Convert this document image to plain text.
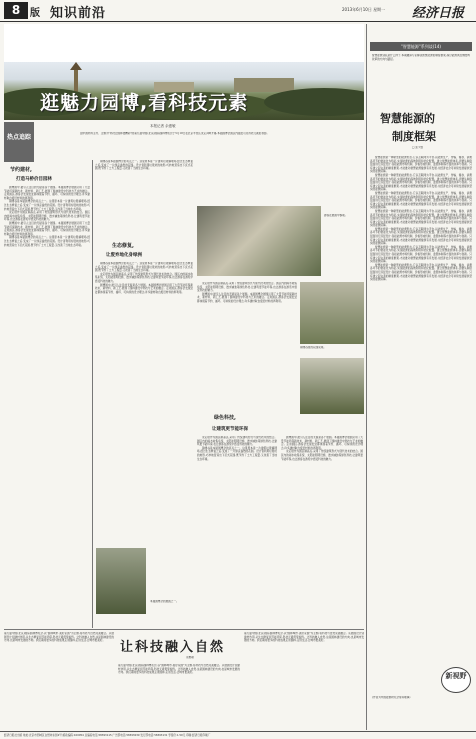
8 版 知识前沿	2013年6月10日 星期一 经济日报
逛魅力园博,看科技元素
热点追踪
本报记者 余惠敏
由中国科协主办、主题为"科技让园林更精彩"的第九届中国(北京)国际园林博览会于5月18日在北京丰台区永定河畔开幕,本届园博会园区内随处可见科技元素的身影。
节约建材,
打造马桥价目园林

园博园中,最引人注目的无疑是各个展园。本届园博会展园运用了大量节能环保新技术、新材料、新工艺,展现了园林建设中科技与艺术的融合。走进园区,游客会发现处处都体现着节约、循环、可持续的设计理念,许多建材取自废旧材料的再利用。

锦绣谷是本届园博会的亮点之一。这里原本是一片建筑垃圾填埋场,经过生态修复之后,变成了一片绿意盎然的花园。设计者利用垃圾坑的地形,巧妙地营造出下沉式花园,既节约了土方工程量,又改善了当地生态环境。

永定塔作为园区制高点,采用了传统建筑形式与现代技术的结合。园区内的雨水收集系统、太阳能照明设施、透水铺装等绿色科技,让建筑更节能环保,也让游客在游览中感受科技的魅力。

园博园中,最引人注目的无疑是各个展园。本届园博会展园运用了大量节能环保新技术、新材料、新工艺,展现了园林建设中科技与艺术的融合。走进园区,游客会发现处处都体现着节约、循环、可持续的设计理念,许多建材取自废旧材料的再利用。

锦绣谷是本届园博会的亮点之一。这里原本是一片建筑垃圾填埋场,经过生态修复之后,变成了一片绿意盎然的花园。设计者利用垃圾坑的地形,巧妙地营造出下沉式花园,既节约了土方工程量,又改善了当地生态环境。

锦绣谷是本届园博会的亮点之一。这里原本是一片建筑垃圾填埋场,经过生态修复之后,变成了一片绿意盎然的花园。设计者利用垃圾坑的地形,巧妙地营造出下沉式花园,既节约了土方工程量,又改善了当地生态环境。

生态修复,
让废弃地化身绿洲

锦绣谷是本届园博会的亮点之一。这里原本是一片建筑垃圾填埋场,经过生态修复之后,变成了一片绿意盎然的花园。设计者利用垃圾坑的地形,巧妙地营造出下沉式花园,既节约了土方工程量,又改善了当地生态环境。

永定塔作为园区制高点,采用了传统建筑形式与现代技术的结合。园区内的雨水收集系统、太阳能照明设施、透水铺装等绿色科技,让建筑更节能环保,也让游客在游览中感受科技的魅力。

园博园中,最引人注目的无疑是各个展园。本届园博会展园运用了大量节能环保新技术、新材料、新工艺,展现了园林建设中科技与艺术的融合。走进园区,游客会发现处处都体现着节约、循环、可持续的设计理念,许多建材取自废旧材料的再利用。

本届园博会的展园之一。
游客在展园中参观。

永定塔作为园区制高点,采用了传统建筑形式与现代技术的结合。园区内的雨水收集系统、太阳能照明设施、透水铺装等绿色科技,让建筑更节能环保,也让游客在游览中感受科技的魅力。

园博园中,最引人注目的无疑是各个展园。本届园博会展园运用了大量节能环保新技术、新材料、新工艺,展现了园林建设中科技与艺术的融合。走进园区,游客会发现处处都体现着节约、循环、可持续的设计理念,许多建材取自废旧材料的再利用。

锦绣谷里的花园景观。
绿色科技,
让建筑更节能环保

永定塔作为园区制高点,采用了传统建筑形式与现代技术的结合。园区内的雨水收集系统、太阳能照明设施、透水铺装等绿色科技,让建筑更节能环保,也让游客在游览中感受科技的魅力。

锦绣谷是本届园博会的亮点之一。这里原本是一片建筑垃圾填埋场,经过生态修复之后,变成了一片绿意盎然的花园。设计者利用垃圾坑的地形,巧妙地营造出下沉式花园,既节约了土方工程量,又改善了当地生态环境。

园博园中,最引人注目的无疑是各个展园。本届园博会展园运用了大量节能环保新技术、新材料、新工艺,展现了园林建设中科技与艺术的融合。走进园区,游客会发现处处都体现着节约、循环、可持续的设计理念,许多建材取自废旧材料的再利用。

永定塔作为园区制高点,采用了传统建筑形式与现代技术的结合。园区内的雨水收集系统、太阳能照明设施、透水铺装等绿色科技,让建筑更节能环保,也让游客在游览中感受科技的魅力。

"智慧能源"系列谈(14)
智慧能源到底是什么样子,本期邀请专家解读智慧能源的制度框架,探讨能源供给侧结构改革的方向与路径。
智慧能源的
制度框架
□ 张少凯

智慧能源是一种新型的能源形态,它以互联网为平台,以能源生产、传输、储存、消费各环节的智能化为特征,实现能源的高效利用和优化配置。建立智慧能源体系,需要从制度层面进行顶层设计,包括能源市场机制、价格形成机制、监管体制等方面的改革与创新。只有建立起完善的制度框架,才能推动智慧能源健康有序发展,为经济社会可持续发展提供坚实的能源保障。

智慧能源是一种新型的能源形态,它以互联网为平台,以能源生产、传输、储存、消费各环节的智能化为特征,实现能源的高效利用和优化配置。建立智慧能源体系,需要从制度层面进行顶层设计,包括能源市场机制、价格形成机制、监管体制等方面的改革与创新。只有建立起完善的制度框架,才能推动智慧能源健康有序发展,为经济社会可持续发展提供坚实的能源保障。

智慧能源是一种新型的能源形态,它以互联网为平台,以能源生产、传输、储存、消费各环节的智能化为特征,实现能源的高效利用和优化配置。建立智慧能源体系,需要从制度层面进行顶层设计,包括能源市场机制、价格形成机制、监管体制等方面的改革与创新。只有建立起完善的制度框架,才能推动智慧能源健康有序发展,为经济社会可持续发展提供坚实的能源保障。

智慧能源是一种新型的能源形态,它以互联网为平台,以能源生产、传输、储存、消费各环节的智能化为特征,实现能源的高效利用和优化配置。建立智慧能源体系,需要从制度层面进行顶层设计,包括能源市场机制、价格形成机制、监管体制等方面的改革与创新。只有建立起完善的制度框架,才能推动智慧能源健康有序发展,为经济社会可持续发展提供坚实的能源保障。

智慧能源是一种新型的能源形态,它以互联网为平台,以能源生产、传输、储存、消费各环节的智能化为特征,实现能源的高效利用和优化配置。建立智慧能源体系,需要从制度层面进行顶层设计,包括能源市场机制、价格形成机制、监管体制等方面的改革与创新。只有建立起完善的制度框架,才能推动智慧能源健康有序发展,为经济社会可持续发展提供坚实的能源保障。

智慧能源是一种新型的能源形态,它以互联网为平台,以能源生产、传输、储存、消费各环节的智能化为特征,实现能源的高效利用和优化配置。建立智慧能源体系,需要从制度层面进行顶层设计,包括能源市场机制、价格形成机制、监管体制等方面的改革与创新。只有建立起完善的制度框架,才能推动智慧能源健康有序发展,为经济社会可持续发展提供坚实的能源保障。

智慧能源是一种新型的能源形态,它以互联网为平台,以能源生产、传输、储存、消费各环节的智能化为特征,实现能源的高效利用和优化配置。建立智慧能源体系,需要从制度层面进行顶层设计,包括能源市场机制、价格形成机制、监管体制等方面的改革与创新。只有建立起完善的制度框架,才能推动智慧能源健康有序发展,为经济社会可持续发展提供坚实的能源保障。

新视野
(作者为中国能源研究会常务理事)
让科技融入自然
余惠敏
第九届中国(北京)国际园林博览会,以"园林城市·美好家园"为主题,将科技与自然完美融合。从展园设计到建材选用,从生态修复到节能环保,科技元素贯穿始终。让科技融入自然,这是园林建设的方向,也是城市发展的方向。我们期待更多的科技成果走进园林,走进生活,让城市更美好。
第九届中国(北京)国际园林博览会,以"园林城市·美好家园"为主题,将科技与自然完美融合。从展园设计到建材选用,从生态修复到节能环保,科技元素贯穿始终。让科技融入自然,这是园林建设的方向,也是城市发展的方向。我们期待更多的科技成果走进园林,走进生活,让城市更美好。
第九届中国(北京)国际园林博览会,以"园林城市·美好家园"为主题,将科技与自然完美融合。从展园设计到建材选用,从生态修复到节能环保,科技元素贯穿始终。让科技融入自然,这是园林建设的方向,也是城市发展的方向。我们期待更多的科技成果走进园林,走进生活,让城市更美好。
经济日报社出版 地址:北京市西城区白纸坊东街2号 邮政编码:100054 总编室电话:58393115 广告部电话:58393039 发行部电话:58393131 零售价:1.50元 印刷:经济日报印刷厂
